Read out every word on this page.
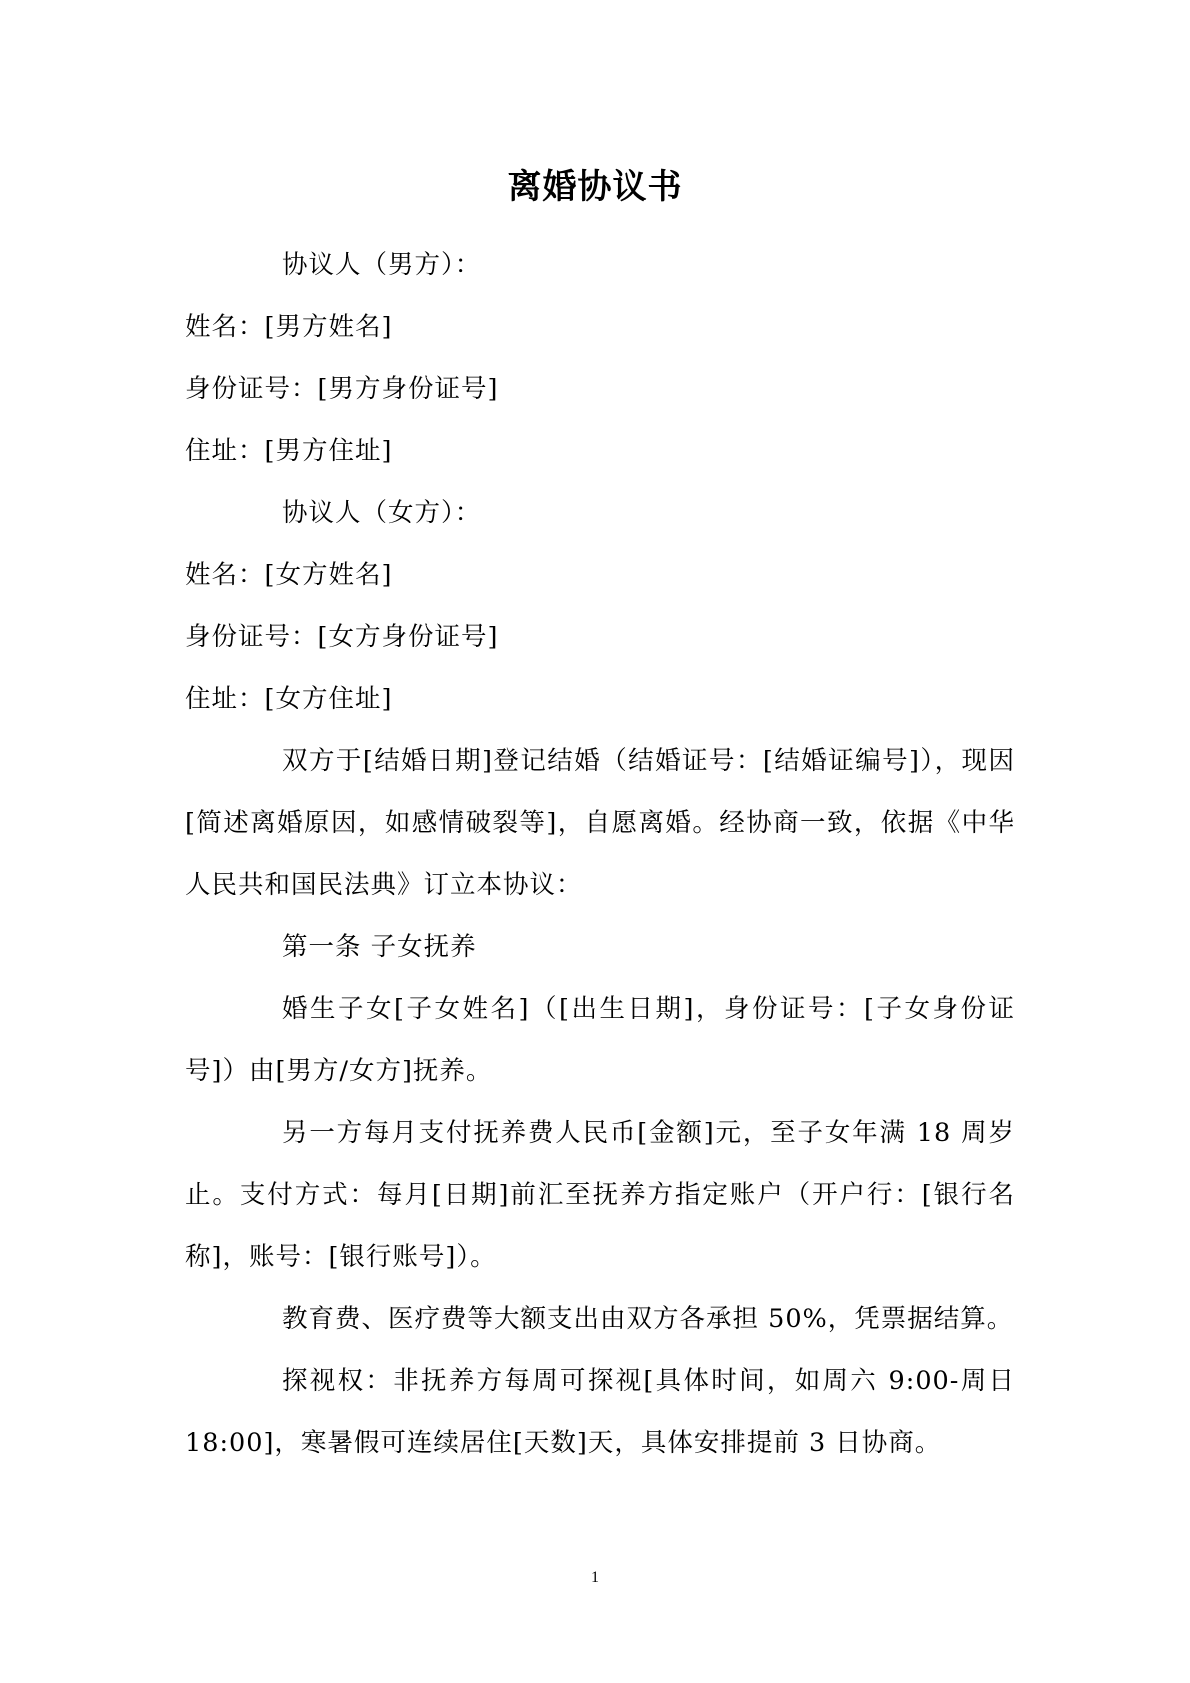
离婚协议书

协议人（男方）：

姓名：[男方姓名]

身份证号：[男方身份证号]

住址：[男方住址]

协议人（女方）：

姓名：[女方姓名]

身份证号：[女方身份证号]

住址：[女方住址]

双方于[结婚日期]登记结婚（结婚证号：[结婚证编号]），现因[简述离婚原因，如感情破裂等]，自愿离婚。经协商一致，依据《中华人民共和国民法典》订立本协议：

第一条 子女抚养

婚生子女[子女姓名]（[出生日期]，身份证号：[子女身份证号]）由[男方/女方]抚养。

另一方每月支付抚养费人民币[金额]元，至子女年满 18 周岁止。支付方式：每月[日期]前汇至抚养方指定账户（开户行：[银行名称]，账号：[银行账号]）。

教育费、医疗费等大额支出由双方各承担 50%，凭票据结算。

探视权：非抚养方每周可探视[具体时间，如周六 9:00-周日 18:00]，寒暑假可连续居住[天数]天，具体安排提前 3 日协商。

1
